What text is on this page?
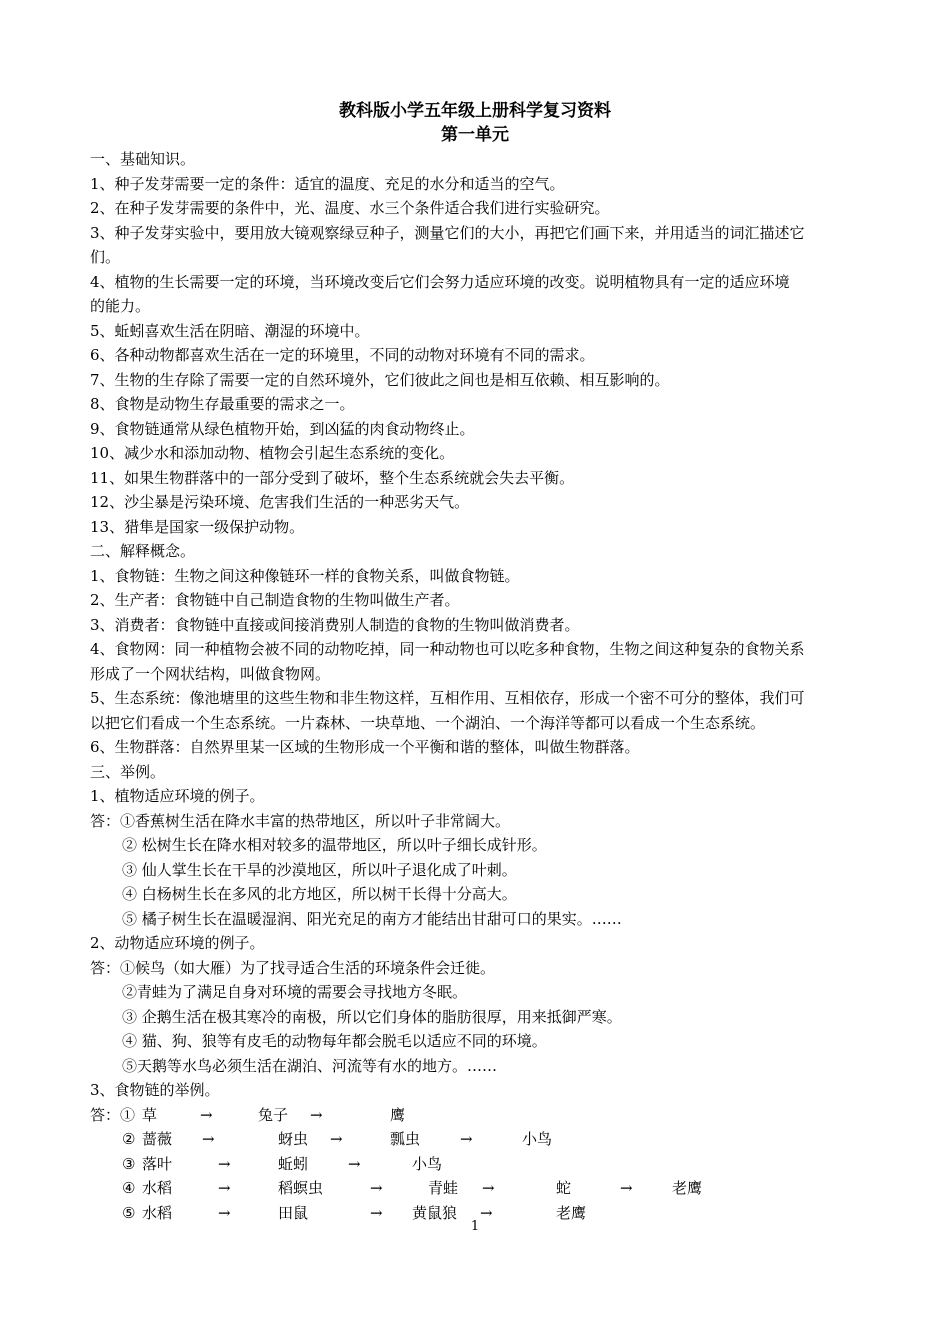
教科版小学五年级上册科学复习资料
第一单元
一、基础知识。
1、种子发芽需要一定的条件：适宜的温度、充足的水分和适当的空气。
2、在种子发芽需要的条件中，光、温度、水三个条件适合我们进行实验研究。
3、种子发芽实验中，要用放大镜观察绿豆种子，测量它们的大小，再把它们画下来，并用适当的词汇描述它
们。
4、植物的生长需要一定的环境，当环境改变后它们会努力适应环境的改变。说明植物具有一定的适应环境
的能力。
5、蚯蚓喜欢生活在阴暗、潮湿的环境中。
6、各种动物都喜欢生活在一定的环境里，不同的动物对环境有不同的需求。
7、生物的生存除了需要一定的自然环境外，它们彼此之间也是相互依赖、相互影响的。
8、食物是动物生存最重要的需求之一。
9、食物链通常从绿色植物开始，到凶猛的肉食动物终止。
10、减少水和添加动物、植物会引起生态系统的变化。
11、如果生物群落中的一部分受到了破坏，整个生态系统就会失去平衡。
12、沙尘暴是污染环境、危害我们生活的一种恶劣天气。
13、猎隼是国家一级保护动物。
二、解释概念。
1、食物链：生物之间这种像链环一样的食物关系，叫做食物链。
2、生产者：食物链中自己制造食物的生物叫做生产者。
3、消费者：食物链中直接或间接消费别人制造的食物的生物叫做消费者。
4、食物网：同一种植物会被不同的动物吃掉，同一种动物也可以吃多种食物，生物之间这种复杂的食物关系
形成了一个网状结构，叫做食物网。
5、生态系统：像池塘里的这些生物和非生物这样，互相作用、互相依存，形成一个密不可分的整体，我们可
以把它们看成一个生态系统。一片森林、一块草地、一个湖泊、一个海洋等都可以看成一个生态系统。
6、生物群落：自然界里某一区域的生物形成一个平衡和谐的整体，叫做生物群落。
三、举例。
1、植物适应环境的例子。
答：①香蕉树生活在降水丰富的热带地区，所以叶子非常阔大。
② 松树生长在降水相对较多的温带地区，所以叶子细长成针形。
③ 仙人掌生长在干旱的沙漠地区，所以叶子退化成了叶刺。
④ 白杨树生长在多风的北方地区，所以树干长得十分高大。
⑤ 橘子树生长在温暖湿润、阳光充足的南方才能结出甘甜可口的果实。……
2、动物适应环境的例子。
答：①候鸟（如大雁）为了找寻适合生活的环境条件会迁徙。
②青蛙为了满足自身对环境的需要会寻找地方冬眠。
③ 企鹅生活在极其寒冷的南极，所以它们身体的脂肪很厚，用来抵御严寒。
④ 猫、狗、狼等有皮毛的动物每年都会脱毛以适应不同的环境。
⑤天鹅等水鸟必须生活在湖泊、河流等有水的地方。……
3、食物链的举例。
答：① 草	→	兔子 →	鹰
② 蔷薇 →	蚜虫 →	瓢虫	→	小鸟
③ 落叶	→	蚯蚓	→	小鸟
④ 水稻	→	稻螟虫	→	青蛙 →	蛇	→	老鹰
⑤ 水稻	→	田鼠	→ 黄鼠狼 →	老鹰
1
